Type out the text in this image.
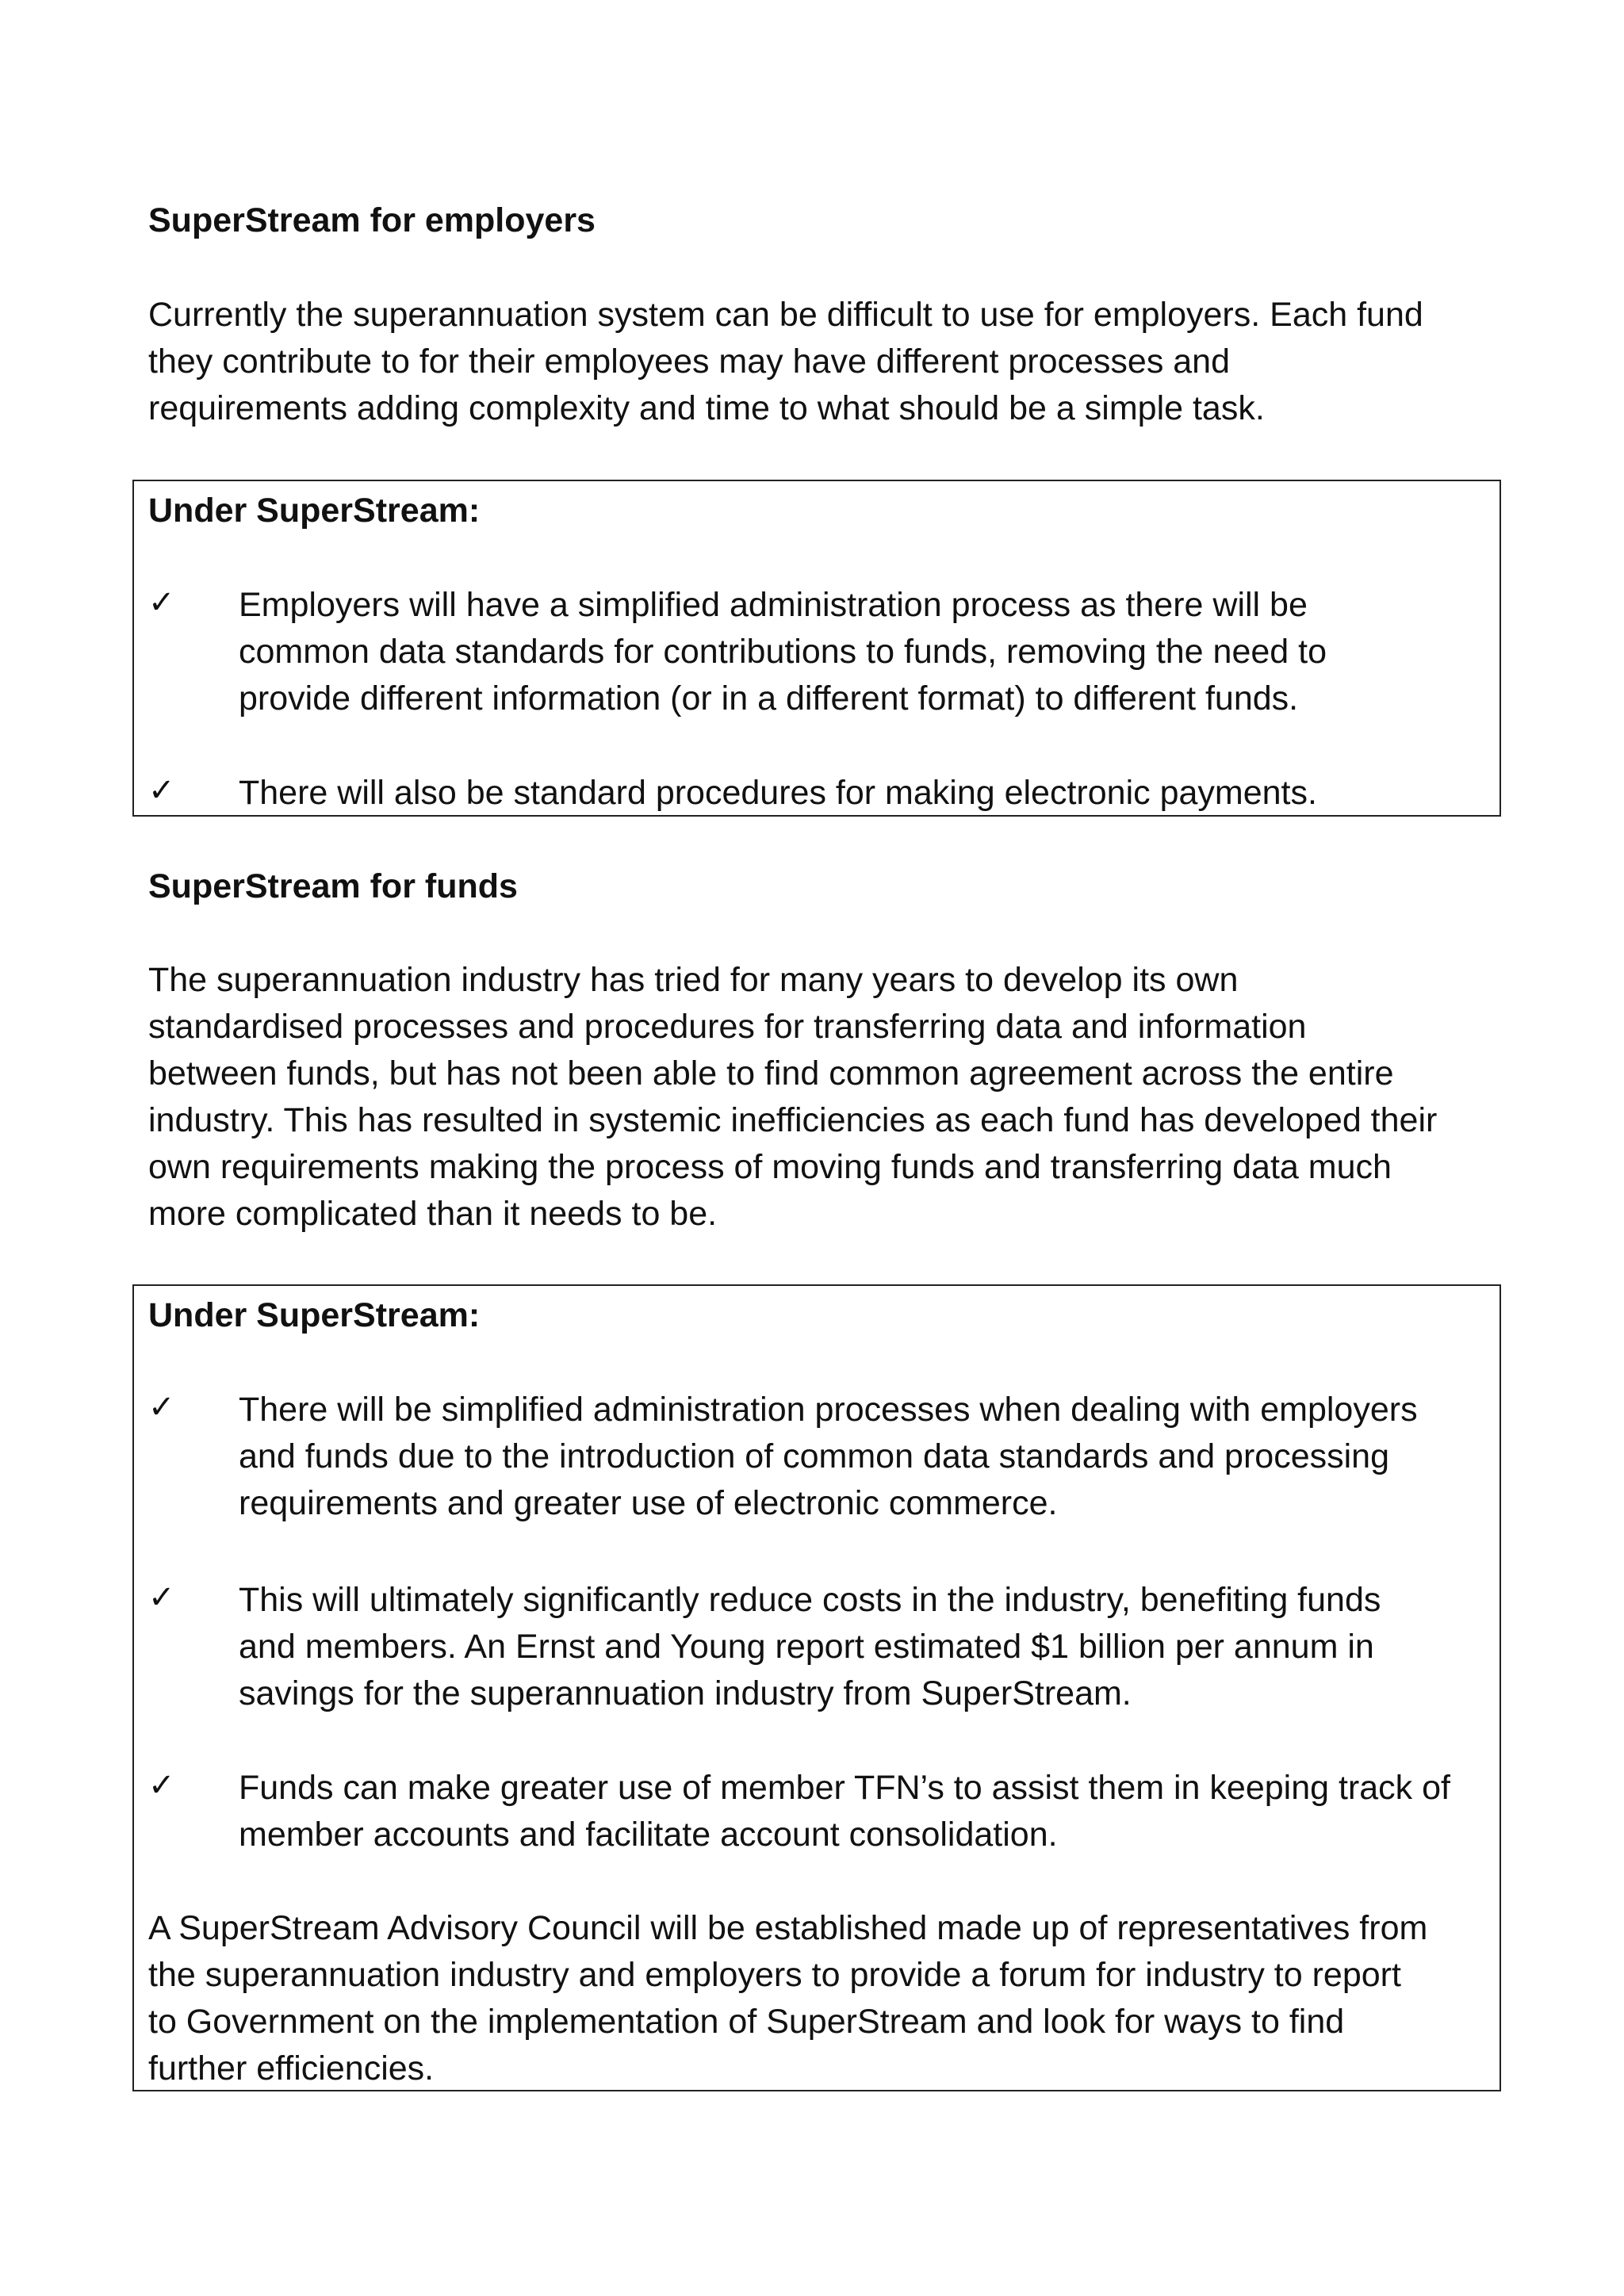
SuperStream for employers

Currently the superannuation system can be difficult to use for employers. Each fund
they contribute to for their employees may have different processes and
requirements adding complexity and time to what should be a simple task.

Under SuperStream:
✓ Employers will have a simplified administration process as there will be
common data standards for contributions to funds, removing the need to
provide different information (or in a different format) to different funds.

✓ There will also be standard procedures for making electronic payments.

SuperStream for funds

The superannuation industry has tried for many years to develop its own
standardised processes and procedures for transferring data and information
between funds, but has not been able to find common agreement across the entire
industry. This has resulted in systemic inefficiencies as each fund has developed their
own requirements making the process of moving funds and transferring data much
more complicated than it needs to be.

Under SuperStream:
✓ There will be simplified administration processes when dealing with employers
and funds due to the introduction of common data standards and processing
requirements and greater use of electronic commerce.

✓ This will ultimately significantly reduce costs in the industry, benefiting funds
and members. An Ernst and Young report estimated $1 billion per annum in
savings for the superannuation industry from SuperStream.

✓ Funds can make greater use of member TFN’s to assist them in keeping track of
member accounts and facilitate account consolidation.

A SuperStream Advisory Council will be established made up of representatives from
the superannuation industry and employers to provide a forum for industry to report
to Government on the implementation of SuperStream and look for ways to find
further efficiencies.
